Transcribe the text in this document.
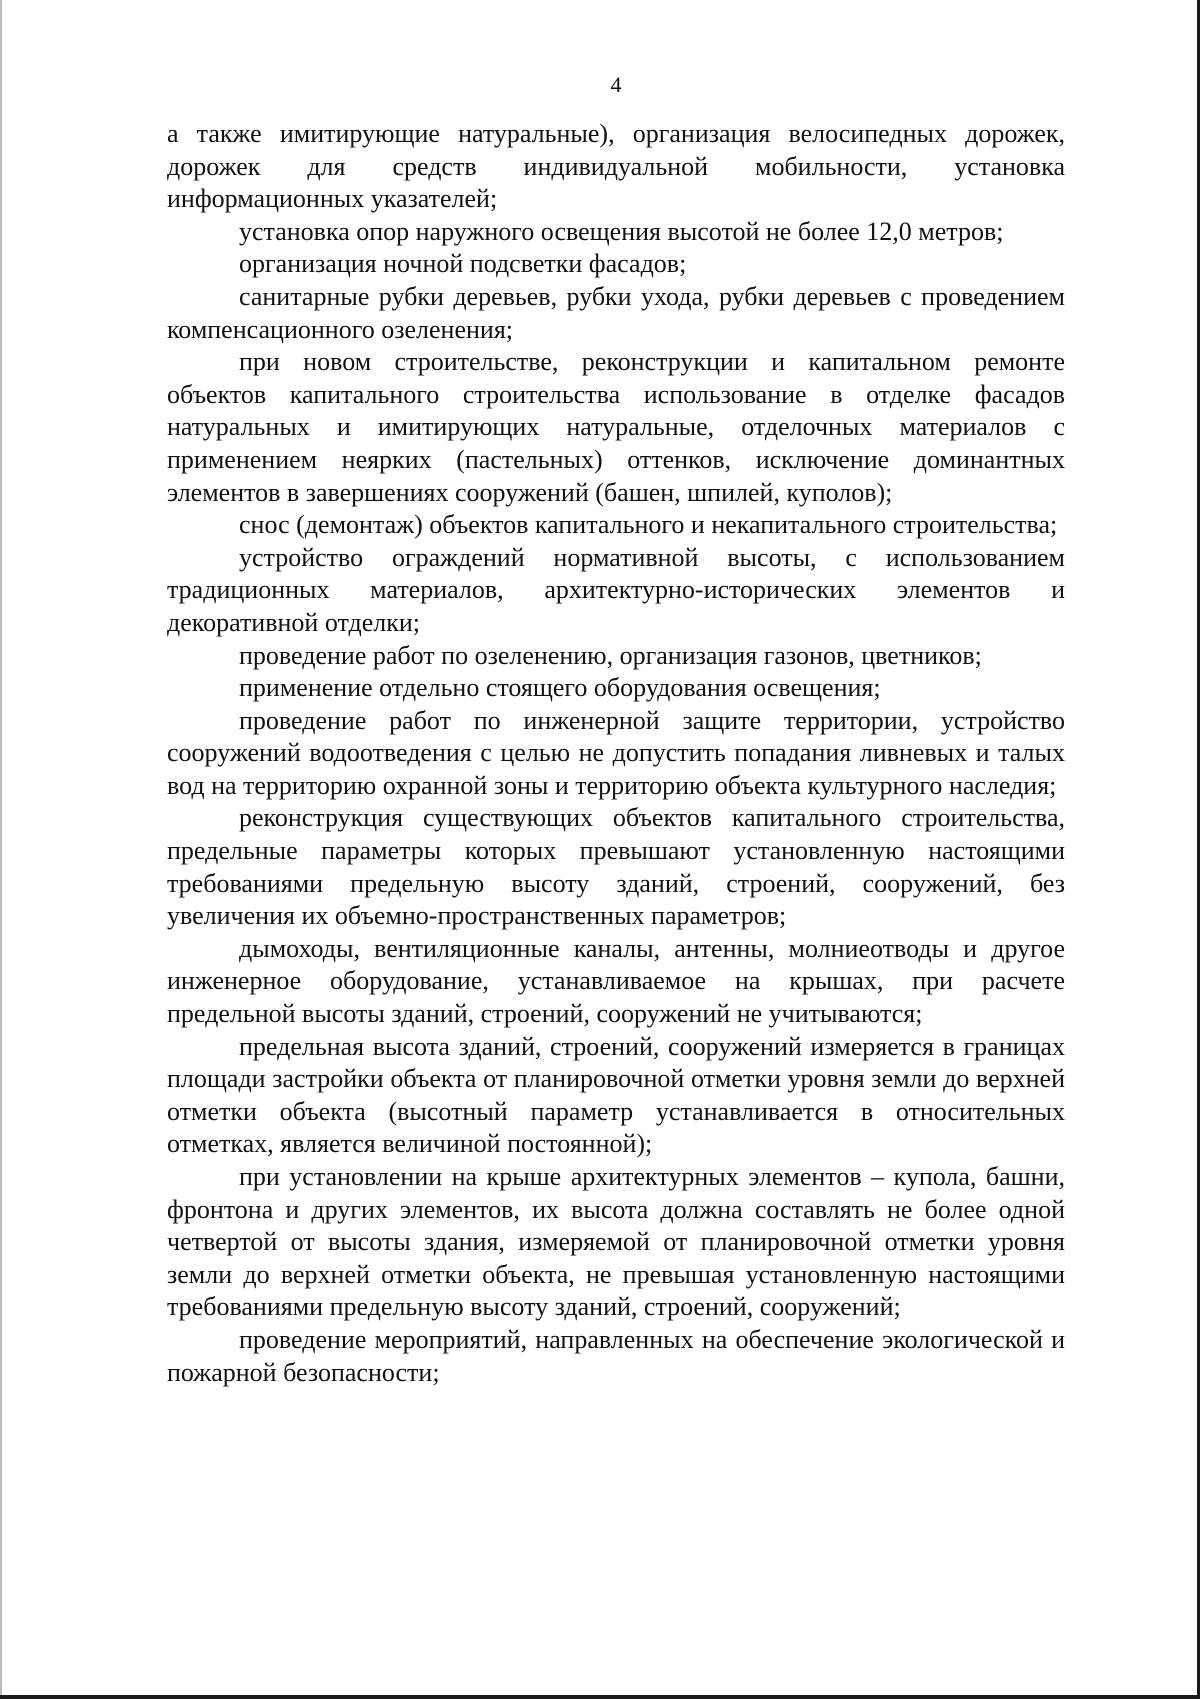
4

а также имитирующие натуральные), организация велосипедных дорожек, дорожек для средств индивидуальной мобильности, установка информационных указателей;

установка опор наружного освещения высотой не более 12,0 метров;

организация ночной подсветки фасадов;

санитарные рубки деревьев, рубки ухода, рубки деревьев с проведением компенсационного озеленения;

при новом строительстве, реконструкции и капитальном ремонте объектов капитального строительства использование в отделке фасадов натуральных и имитирующих натуральные, отделочных материалов с применением неярких (пастельных) оттенков, исключение доминантных элементов в завершениях сооружений (башен, шпилей, куполов);

снос (демонтаж) объектов капитального и некапитального строительства;

устройство ограждений нормативной высоты, с использованием традиционных материалов, архитектурно-исторических элементов и декоративной отделки;

проведение работ по озеленению, организация газонов, цветников;

применение отдельно стоящего оборудования освещения;

проведение работ по инженерной защите территории, устройство сооружений водоотведения с целью не допустить попадания ливневых и талых вод на территорию охранной зоны и территорию объекта культурного наследия;

реконструкция существующих объектов капитального строительства, предельные параметры которых превышают установленную настоящими требованиями предельную высоту зданий, строений, сооружений, без увеличения их объемно-пространственных параметров;

дымоходы, вентиляционные каналы, антенны, молниеотводы и другое инженерное оборудование, устанавливаемое на крышах, при расчете предельной высоты зданий, строений, сооружений не учитываются;

предельная высота зданий, строений, сооружений измеряется в границах площади застройки объекта от планировочной отметки уровня земли до верхней отметки объекта (высотный параметр устанавливается в относительных отметках, является величиной постоянной);

при установлении на крыше архитектурных элементов – купола, башни, фронтона и других элементов, их высота должна составлять не более одной четвертой от высоты здания, измеряемой от планировочной отметки уровня земли до верхней отметки объекта, не превышая установленную настоящими требованиями предельную высоту зданий, строений, сооружений;

проведение мероприятий, направленных на обеспечение экологической и пожарной безопасности;
